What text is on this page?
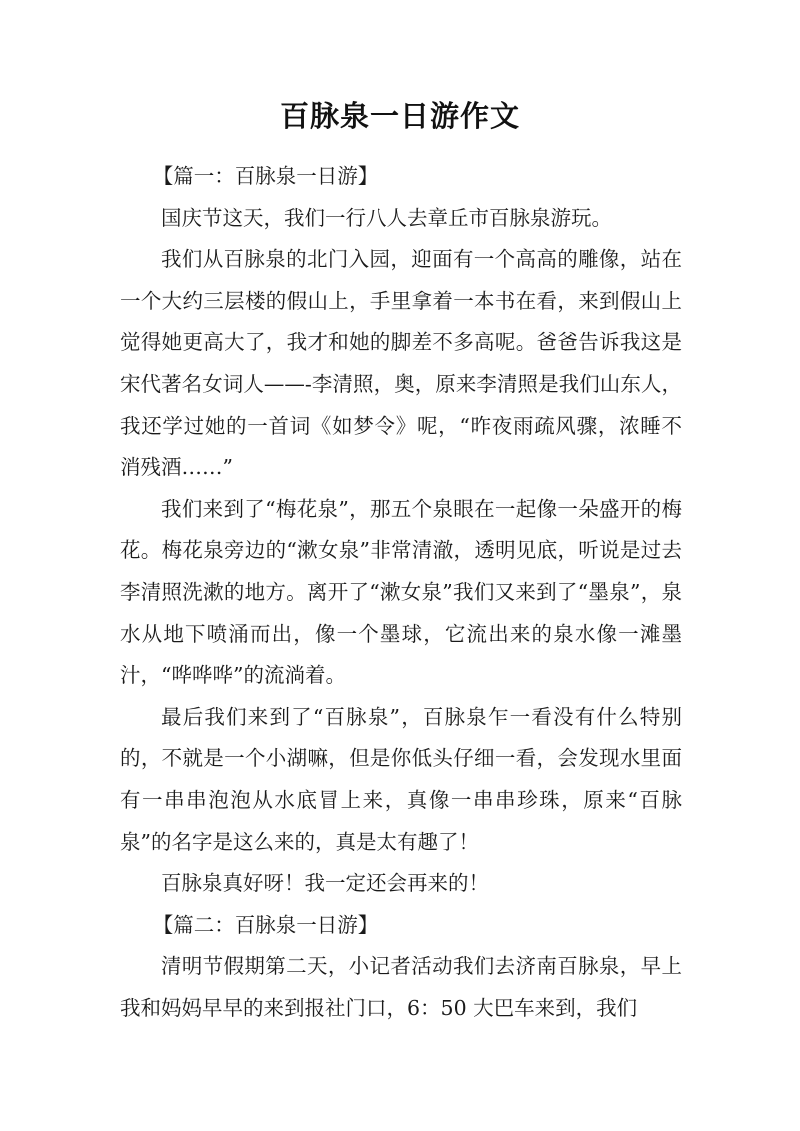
百脉泉一日游作文

【篇一：百脉泉一日游】

国庆节这天，我们一行八人去章丘市百脉泉游玩。

我们从百脉泉的北门入园，迎面有一个高高的雕像，站在一个大约三层楼的假山上，手里拿着一本书在看，来到假山上觉得她更高大了，我才和她的脚差不多高呢。爸爸告诉我这是宋代著名女词人——-李清照，奥，原来李清照是我们山东人，我还学过她的一首词《如梦令》呢，“昨夜雨疏风骤，浓睡不消残酒……”

我们来到了“梅花泉”，那五个泉眼在一起像一朵盛开的梅花。梅花泉旁边的“漱女泉”非常清澈，透明见底，听说是过去李清照洗漱的地方。离开了“漱女泉”我们又来到了“墨泉”，泉水从地下喷涌而出，像一个墨球，它流出来的泉水像一滩墨汁，“哗哗哗”的流淌着。

最后我们来到了“百脉泉”，百脉泉乍一看没有什么特别的，不就是一个小湖嘛，但是你低头仔细一看，会发现水里面有一串串泡泡从水底冒上来，真像一串串珍珠，原来“百脉泉”的名字是这么来的，真是太有趣了！

百脉泉真好呀！我一定还会再来的！

【篇二：百脉泉一日游】

清明节假期第二天，小记者活动我们去济南百脉泉，早上我和妈妈早早的来到报社门口，6：50 大巴车来到，我们
